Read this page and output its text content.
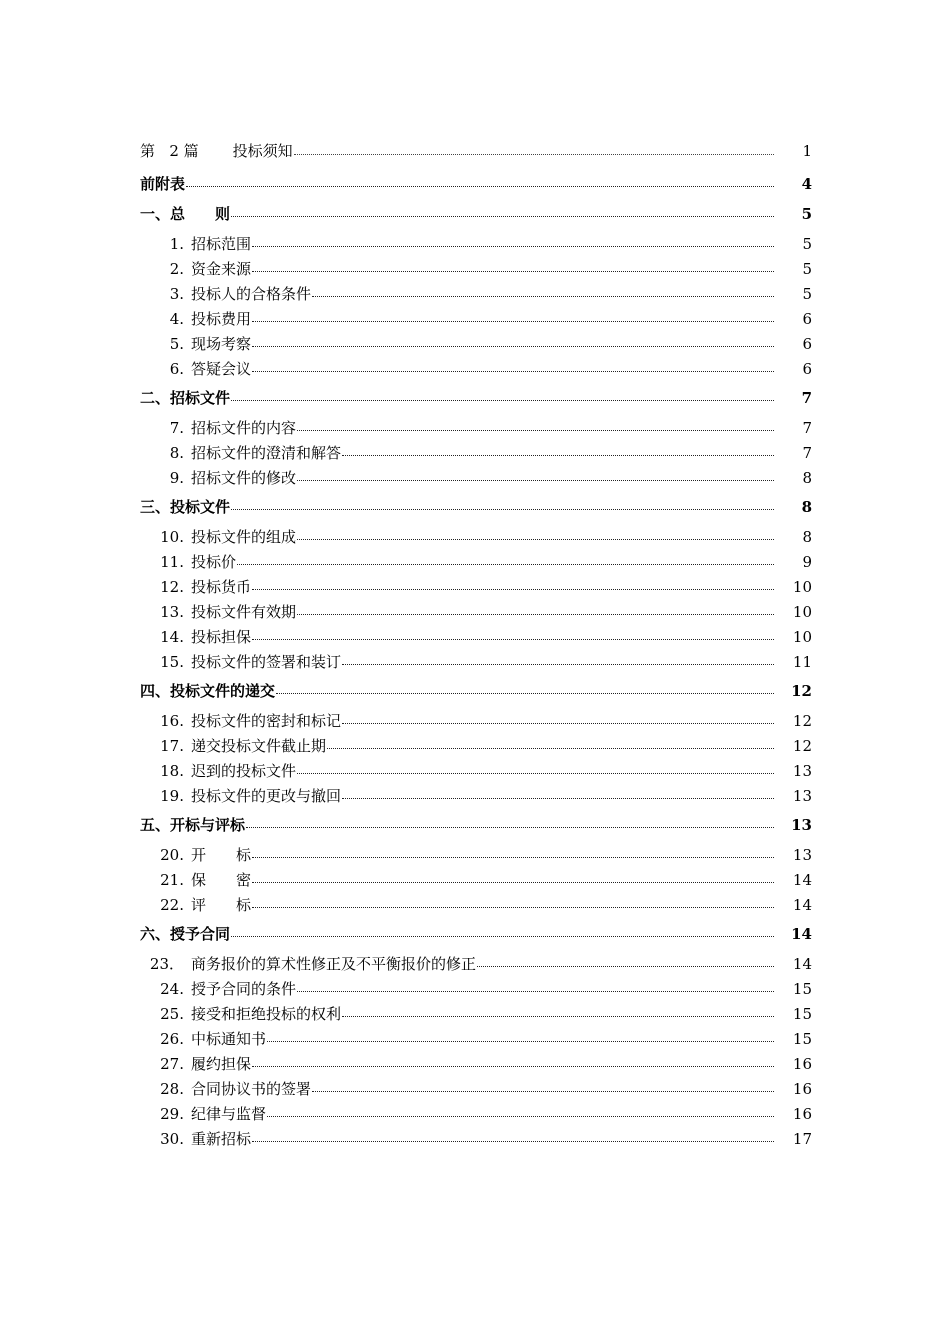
第 2 篇 投标须知	1
前附表	4
一、总　　则	5
1. 招标范围	5
2. 资金来源	5
3. 投标人的合格条件	5
4. 投标费用	6
5. 现场考察	6
6. 答疑会议	6
二、招标文件	7
7. 招标文件的内容	7
8. 招标文件的澄清和解答	7
9. 招标文件的修改	8
三、投标文件	8
10. 投标文件的组成	8
11. 投标价	9
12. 投标货币	10
13. 投标文件有效期	10
14. 投标担保	10
15. 投标文件的签署和装订	11
四、投标文件的递交	12
16. 投标文件的密封和标记	12
17. 递交投标文件截止期	12
18. 迟到的投标文件	13
19. 投标文件的更改与撤回	13
五、开标与评标	13
20. 开　　标	13
21. 保　　密	14
22. 评　　标	14
六、授予合同	14
23． 商务报价的算术性修正及不平衡报价的修正	14
24. 授予合同的条件	15
25. 接受和拒绝投标的权利	15
26. 中标通知书	15
27. 履约担保	16
28. 合同协议书的签署	16
29. 纪律与监督	16
30. 重新招标	17
